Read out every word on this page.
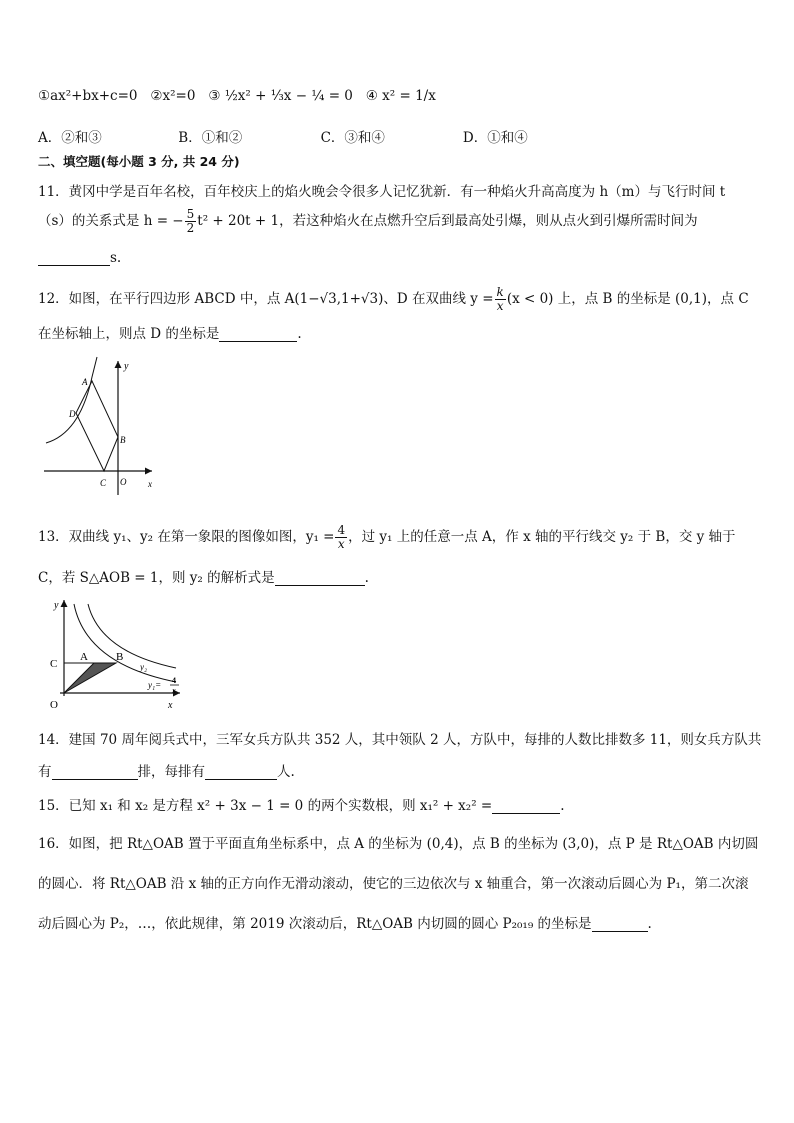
①ax²+bx+c=0 ②x²=0 ③ ½x² + ⅓x − ¼ = 0 ④ x² = 1/x
A．②和③	B．①和②	C．③和④	D．①和④
二、填空题(每小题 3 分, 共 24 分)
11．黄冈中学是百年名校，百年校庆上的焰火晚会令很多人记忆犹新．有一种焰火升高高度为 h（m）与飞行时间 t
（s）的关系式是 h = − $\frac{5}{2} t^2 + 20t + 1$，若这种焰火在点燃升空后到最高处引爆，则从点火到引爆所需时间为
s.
12．如图，在平行四边形 ABCD 中，点 A(1−√3,1+√3)、D 在双曲线 $y = \frac{k}{x} (x < 0)$ 上，点 B 的坐标是 (0,1)，点 C
在坐标轴上，则点 D 的坐标是	.
A
D
B
C O x
y
13．双曲线 y₁、y₂ 在第一象限的图像如图，$y_1 = \frac{4}{x}$ ，过 y₁ 上的任意一点 A，作 x 轴的平行线交 y₂ 于 B，交 y 轴于
C，若 S△AOB = 1，则 y₂ 的解析式是	.
A	B
C
O
y
x
y₂
y₁= 4
x
14．建国 70 周年阅兵式中，三军女兵方队共 352 人，其中领队 2 人，方队中，每排的人数比排数多 11，则女兵方队共
有	排，每排有	人.
15．已知 x₁ 和 x₂ 是方程 x² + 3x − 1 = 0 的两个实数根，则 x₁² + x₂² =	.
16．如图，把 Rt△OAB 置于平面直角坐标系中，点 A 的坐标为 (0,4)，点 B 的坐标为 (3,0)，点 P 是 Rt△OAB 内切圆
的圆心．将 Rt△OAB 沿 x 轴的正方向作无滑动滚动，使它的三边依次与 x 轴重合，第一次滚动后圆心为 P₁，第二次滚
动后圆心为 P₂，…，依此规律，第 2019 次滚动后，Rt△OAB 内切圆的圆心 P₂₀₁₉ 的坐标是	.
